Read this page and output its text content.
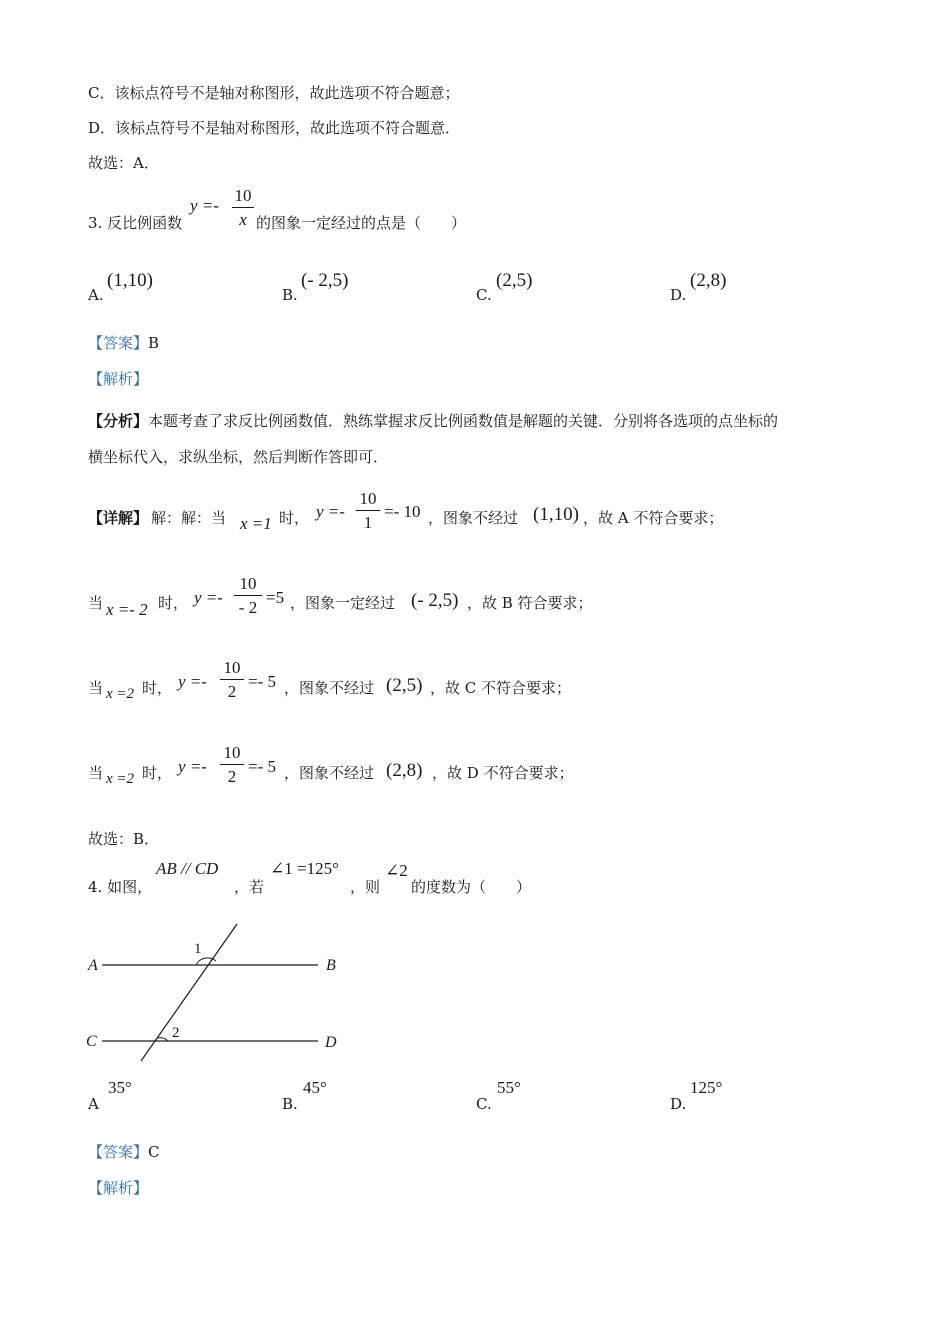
C．该标点符号不是轴对称图形，故此选项不符合题意；
D．该标点符号不是轴对称图形，故此选项不符合题意．
故选：A．
3. 反比例函数
y =-
10
x 的图象一定经过的点是（　　）
A.
(1,10)
B.
(- 2,5)
C.
(2,5)
D.
(2,8)
【答案】B
【解析】
【分析】本题考查了求反比例函数值．熟练掌握求反比例函数值是解题的关键．分别将各选项的点坐标的
横坐标代入，求纵坐标，然后判断作答即可．
【详解】 解：解：当 x =1 时， y =-
10
1
=- 10 ，图象不经过 (1,10) ，故 A 不符合要求；
当 x =- 2 时， y =-
10
- 2
=5 ，图象一定经过 (- 2,5) ，故 B 符合要求；
当 x =2 时， y =-
10
2
=- 5 ，图象不经过 (2,5) ，故 C 不符合要求；
当 x =2 时， y =-
10
2
=- 5 ，图象不经过 (2,8) ，故 D 不符合要求；
故选：B．
4. 如图，
AB // CD
，若
∠1 =125°
，则
∠2
的度数为（　　）
A	B
C	D
1
2
A
35°
B.
45°
C.
55°
D.
125°
【答案】C
【解析】
